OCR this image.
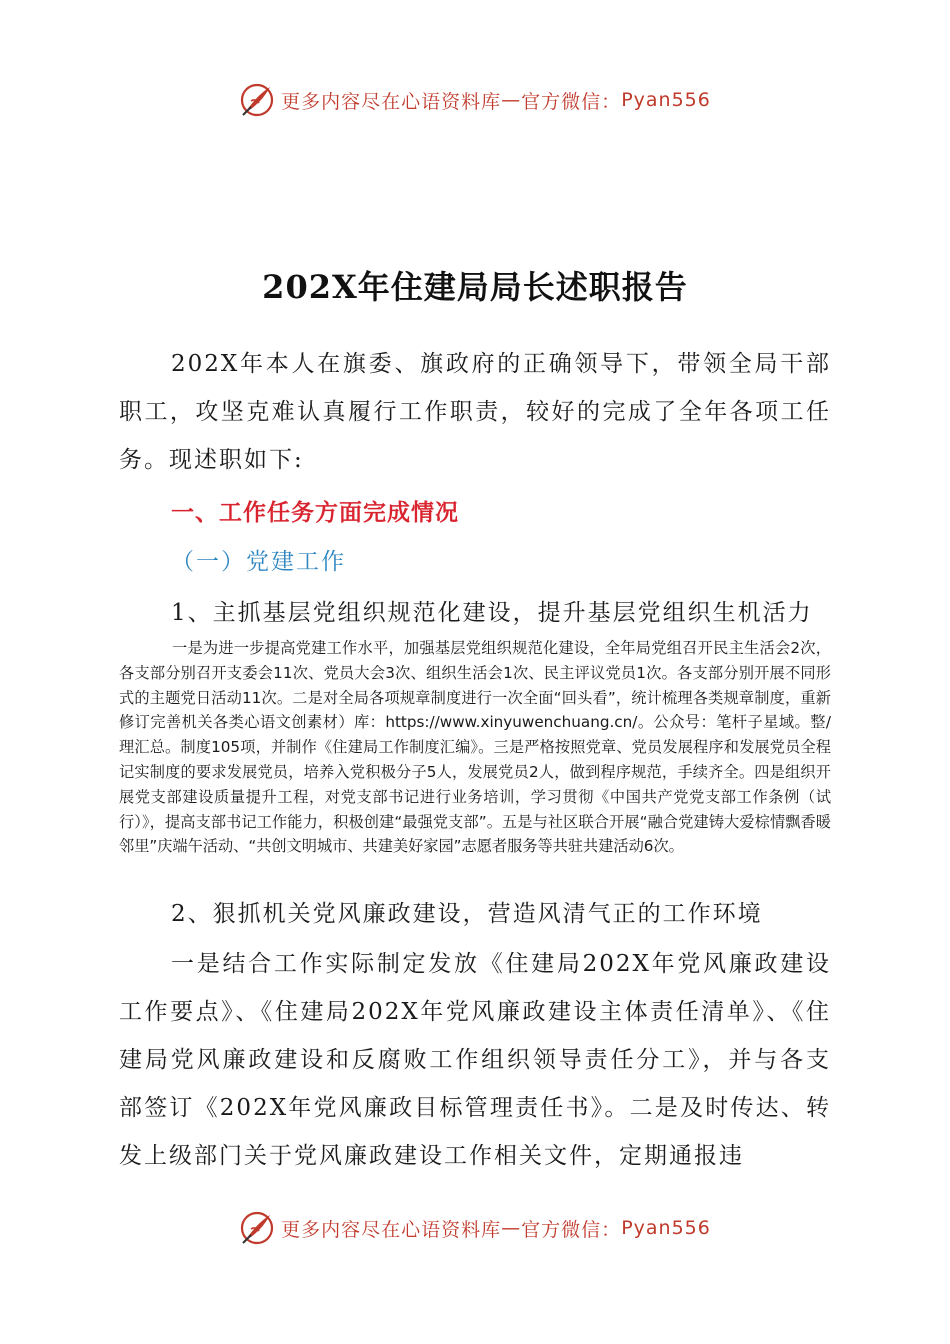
更多内容尽在心语资料库 — 官方微信： Pyan556
202X年住建局局长述职报告
202X年本人在旗委、旗政府的正确领导下，带领全局干部职工，攻坚克难认真履行工作职责，较好的完成了全年各项工任务。现述职如下:
一、工作任务方面完成情况
（一）党建工作
1、主抓基层党组织规范化建设，提升基层党组织生机活力
一是为进一步提高党建工作水平，加强基层党组织规范化建设，全年局党组召开民主生活会2次，各支部分别召开支委会11次、党员大会3次、组织生活会1次、民主评议党员1次。各支部分别开展不同形式的主题党日活动11次。二是对全局各项规章制度进行一次全面“回头看”，统计梳理各类规章制度，重新修订完善机关各类心语文创素材）库：https://www.xinyuwenchuang.cn/。公众号：笔杆子星域。整/理汇总。制度105项，并制作《住建局工作制度汇编》。三是严格按照党章、党员发展程序和发展党员全程记实制度的要求发展党员，培养入党积极分子5人，发展党员2人，做到程序规范，手续齐全。四是组织开展党支部建设质量提升工程，对党支部书记进行业务培训，学习贯彻《中国共产党党支部工作条例（试行）》，提高支部书记工作能力，积极创建“最强党支部”。五是与社区联合开展“融合党建铸大爱棕情飘香暖邻里”庆端午活动、“共创文明城市、共建美好家园”志愿者服务等共驻共建活动6次。
2、狠抓机关党风廉政建设，营造风清气正的工作环境
一是结合工作实际制定发放《住建局202X年党风廉政建设工作要点》、《住建局202X年党风廉政建设主体责任清单》、《住建局党风廉政建设和反腐败工作组织领导责任分工》，并与各支部签订《202X年党风廉政目标管理责任书》。二是及时传达、转发上级部门关于党风廉政建设工作相关文件，定期通报违
更多内容尽在心语资料库 — 官方微信： Pyan556
